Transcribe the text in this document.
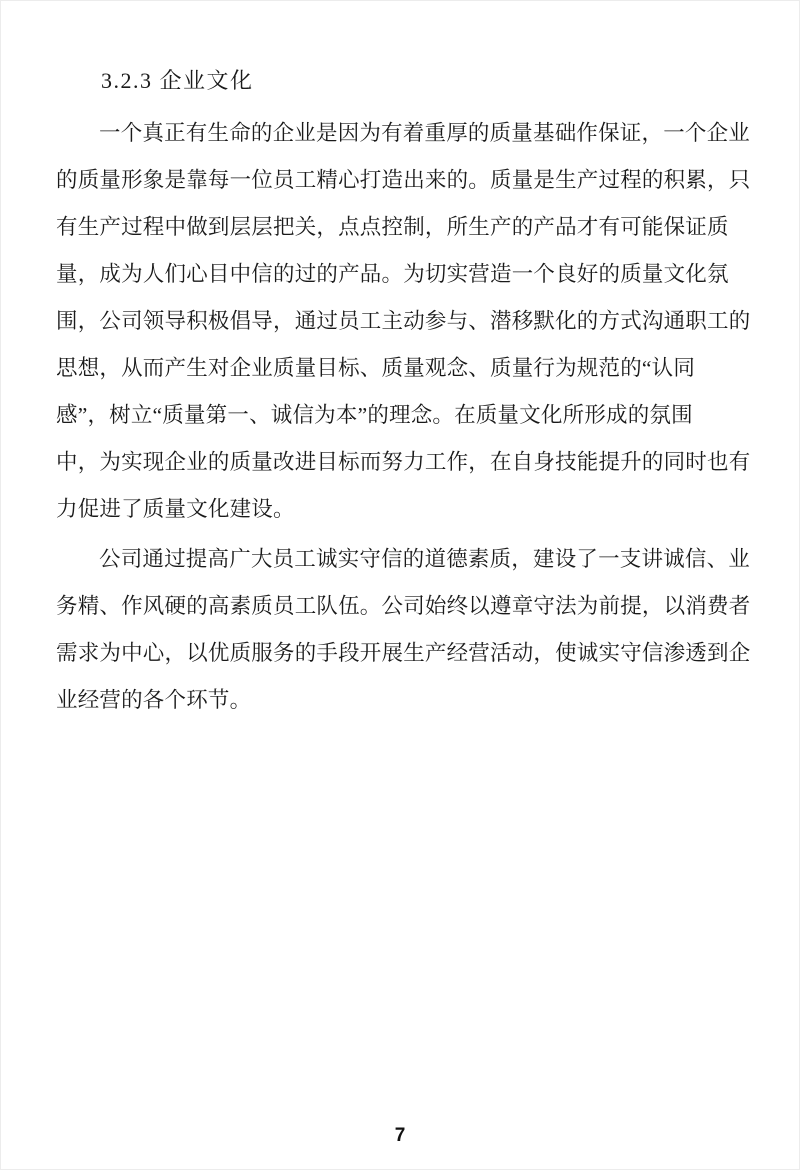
3.2.3 企业文化
一个真正有生命的企业是因为有着重厚的质量基础作保证，一个企业
的质量形象是靠每一位员工精心打造出来的。质量是生产过程的积累，只
有生产过程中做到层层把关，点点控制，所生产的产品才有可能保证质
量，成为人们心目中信的过的产品。为切实营造一个良好的质量文化氛
围，公司领导积极倡导，通过员工主动参与、潜移默化的方式沟通职工的
思想，从而产生对企业质量目标、质量观念、质量行为规范的“认同
感”，树立“质量第一、诚信为本”的理念。在质量文化所形成的氛围
中，为实现企业的质量改进目标而努力工作，在自身技能提升的同时也有
力促进了质量文化建设。
公司通过提高广大员工诚实守信的道德素质，建设了一支讲诚信、业
务精、作风硬的高素质员工队伍。公司始终以遵章守法为前提，以消费者
需求为中心，以优质服务的手段开展生产经营活动，使诚实守信渗透到企
业经营的各个环节。
7
